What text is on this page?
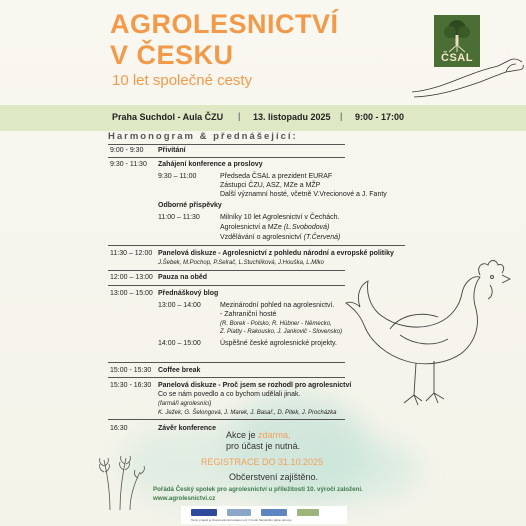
AGROLESNICTVÍ
V ČESKU
10 let společné cesty
ČSAL
Praha Suchdol - Aula ČZU | 13. listopadu 2025 | 9:00 - 17:00
Harmonogram & přednášející:
9:00 - 9:30 Přivítání
9:30 - 11:30 Zahájení konference a proslovy
9:30 – 11:00	Předseda ČSAL a prezident EURAF
Zástupci ČZU, ASZ, MZe a MŽP
Další významní hosté, včetně V.Vrecionové a J. Fanty
Odborné příspěvky
11:00 – 11:30	Milníky 10 let Agrolesnictví v Čechách.
Agrolesnictví a MZe (L.Svobodová)
Vzdělávání o agrolesnictví (T.Červená)
11:30 – 12:00 Panelová diskuze - Agrolesnictví z pohledu národní a evropské politiky
J.Šebek, M.Pochop, P.Selrač, L.Stuchlíková, J.Houška, L.Mlko
12:00 – 13:00 Pauza na oběd
13:00 – 15:00 Přednáškový blog
13:00 – 14:00	Mezinárodní pohled na agrolesnictví.
- Zahraniční hosté
(R. Borek - Polsko, R. Hübner - Německo,
Z. Piatty - Rakousko, J. Jankovič - Slovensko)
14:00 – 15:00	Úspěšné české agrolesnické projekty.
15:00 - 15:30 Coffee break
15:30 - 16:30 Panelová diskuze - Proč jsem se rozhodl pro agrolesnictví
Co se nám povedlo a co bychom udělali jinak.
(farmáři agrolesníci)
K. Ježek, G. Šelongová, J. Marek, J. Basař., D. Pitek, J. Procházka
16:30	Závěr konference
Akce je zdarma,
pro účast je nutná.
REGISTRACE DO 31.10.2025
Občerstvení zajištěno.
Pořádá Český spolek pro agrolesnictví u příležitosti 10. výročí založení.
www.agrolesnictvi.cz
Tento projekt je financován Evropskou unií z fondu Národního plánu obnovy.
